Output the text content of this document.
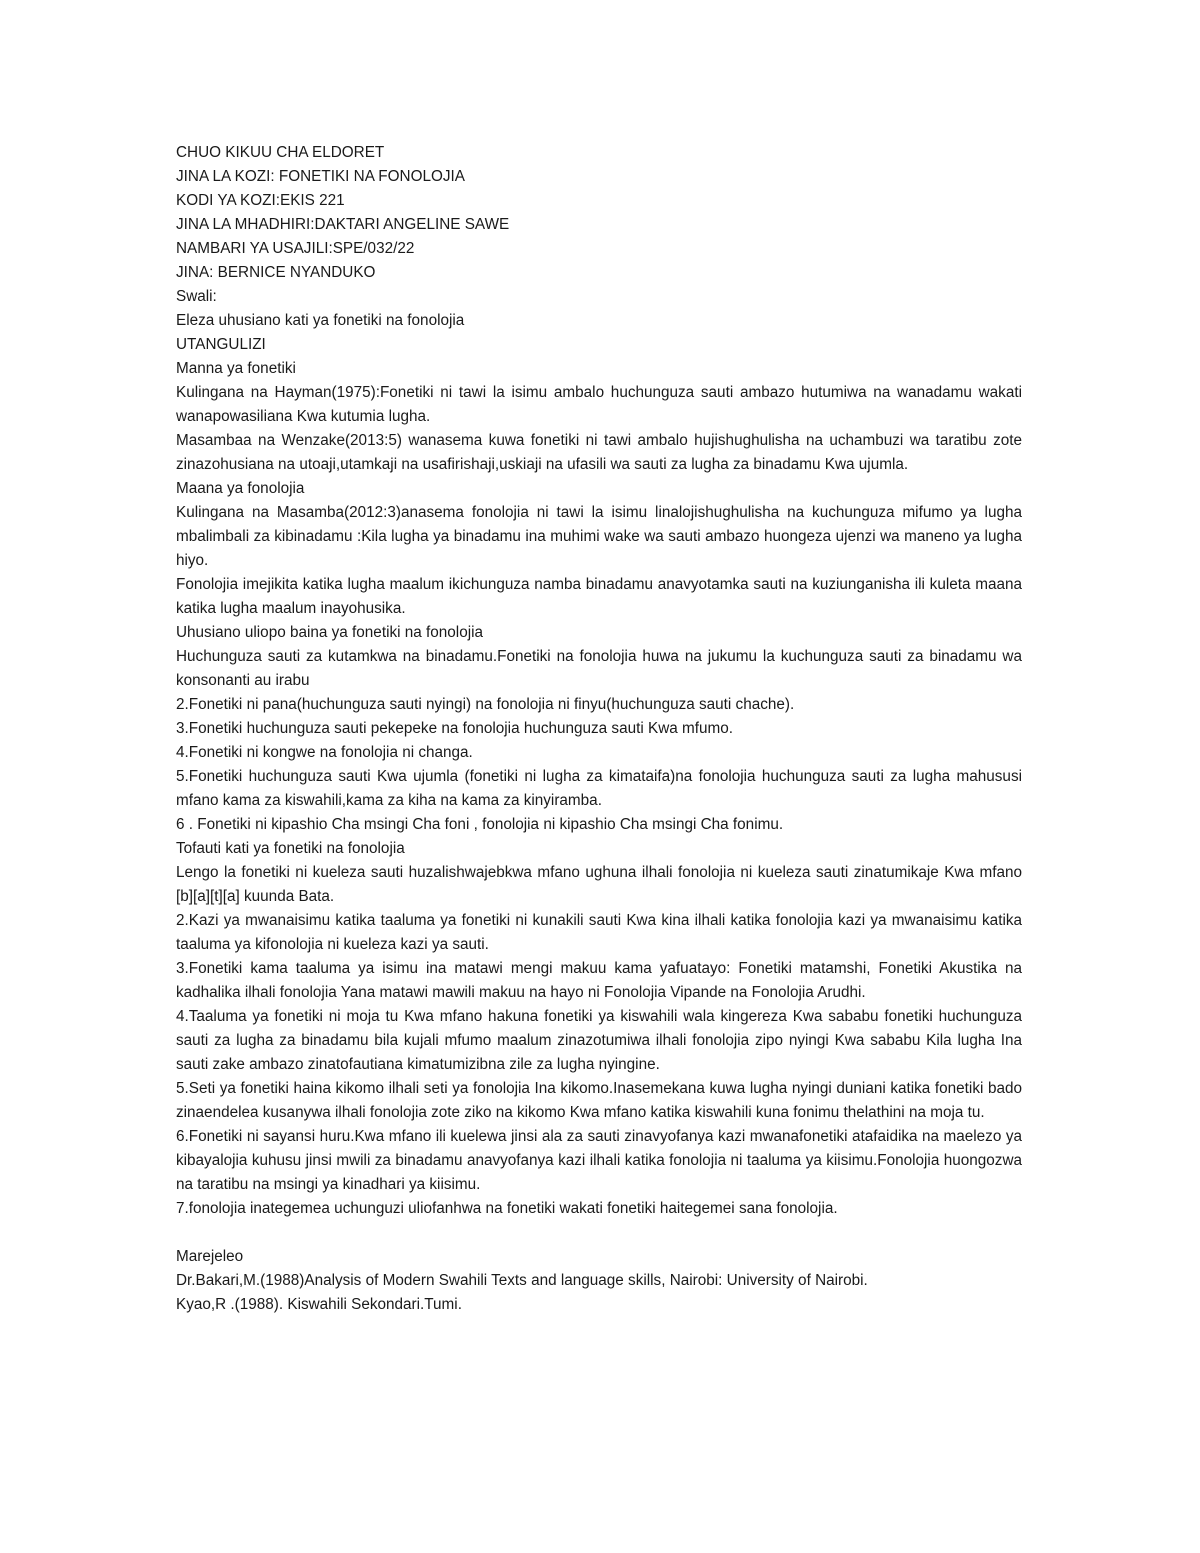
CHUO KIKUU CHA ELDORET

JINA LA KOZI: FONETIKI NA FONOLOJIA

KODI YA KOZI:EKIS 221

JINA LA MHADHIRI:DAKTARI ANGELINE SAWE

NAMBARI YA USAJILI:SPE/032/22

JINA: BERNICE NYANDUKO

Swali:

Eleza uhusiano kati ya fonetiki na fonolojia

UTANGULIZI

Manna ya fonetiki

Kulingana na Hayman(1975):Fonetiki ni tawi la isimu ambalo huchunguza sauti ambazo hutumiwa na wanadamu wakati wanapowasiliana Kwa kutumia lugha.

Masambaa na Wenzake(2013:5) wanasema kuwa fonetiki ni tawi ambalo hujishughulisha na uchambuzi wa taratibu zote zinazohusiana na utoaji,utamkaji na usafirishaji,uskiaji na ufasili wa sauti za lugha za binadamu Kwa ujumla.

Maana ya fonolojia

Kulingana na Masamba(2012:3)anasema fonolojia ni tawi la isimu linalojishughulisha na kuchunguza mifumo ya lugha mbalimbali za kibinadamu :Kila lugha ya binadamu ina muhimi wake wa sauti ambazo huongeza ujenzi wa maneno ya lugha hiyo.

Fonolojia imejikita katika lugha maalum ikichunguza namba binadamu anavyotamka sauti na kuziunganisha ili kuleta maana katika lugha maalum inayohusika.

Uhusiano uliopo baina ya fonetiki na fonolojia

Huchunguza sauti za kutamkwa na binadamu.Fonetiki na fonolojia huwa na jukumu la kuchunguza sauti za binadamu wa konsonanti au irabu

2.Fonetiki ni pana(huchunguza sauti nyingi) na fonolojia ni finyu(huchunguza sauti chache).

3.Fonetiki huchunguza sauti pekepeke na fonolojia huchunguza sauti Kwa mfumo.

4.Fonetiki ni kongwe na fonolojia ni changa.

5.Fonetiki huchunguza sauti Kwa ujumla (fonetiki ni lugha za kimataifa)na fonolojia huchunguza sauti za lugha mahususi mfano kama za kiswahili,kama za kiha na kama za kinyiramba.

6 . Fonetiki ni kipashio Cha msingi Cha foni , fonolojia ni kipashio Cha msingi Cha fonimu.

Tofauti kati ya fonetiki na fonolojia

Lengo la fonetiki ni kueleza sauti huzalishwajebkwa mfano ughuna ilhali fonolojia ni kueleza sauti zinatumikaje Kwa mfano [b][a][t][a] kuunda Bata.

2.Kazi ya mwanaisimu katika taaluma ya fonetiki ni kunakili sauti Kwa kina ilhali katika fonolojia kazi ya mwanaisimu katika taaluma ya kifonolojia ni kueleza kazi ya sauti.

3.Fonetiki kama taaluma ya isimu ina matawi mengi makuu kama yafuatayo: Fonetiki matamshi, Fonetiki Akustika na kadhalika ilhali fonolojia Yana matawi mawili makuu na hayo ni Fonolojia Vipande na Fonolojia Arudhi.

4.Taaluma ya fonetiki ni moja tu Kwa mfano hakuna fonetiki ya kiswahili wala kingereza Kwa sababu fonetiki huchunguza sauti za lugha za binadamu bila kujali mfumo maalum zinazotumiwa ilhali fonolojia zipo nyingi Kwa sababu Kila lugha Ina sauti zake ambazo zinatofautiana kimatumizibna zile za lugha nyingine.

5.Seti ya fonetiki haina kikomo ilhali seti ya fonolojia Ina kikomo.Inasemekana kuwa lugha nyingi duniani katika fonetiki bado zinaendelea kusanywa ilhali fonolojia zote ziko na kikomo Kwa mfano katika kiswahili kuna fonimu thelathini na moja tu.

6.Fonetiki ni sayansi huru.Kwa mfano ili kuelewa jinsi ala za sauti zinavyofanya kazi mwanafonetiki atafaidika na maelezo ya kibayalojia kuhusu jinsi mwili za binadamu anavyofanya kazi ilhali katika fonolojia ni taaluma ya kiisimu.Fonolojia huongozwa na taratibu na msingi ya kinadhari ya kiisimu.

7.fonolojia inategemea uchunguzi uliofanhwa na fonetiki wakati fonetiki haitegemei sana fonolojia.

Marejeleo

Dr.Bakari,M.(1988)Analysis of Modern Swahili Texts and language skills, Nairobi: University of Nairobi.

Kyao,R .(1988). Kiswahili Sekondari.Tumi.
